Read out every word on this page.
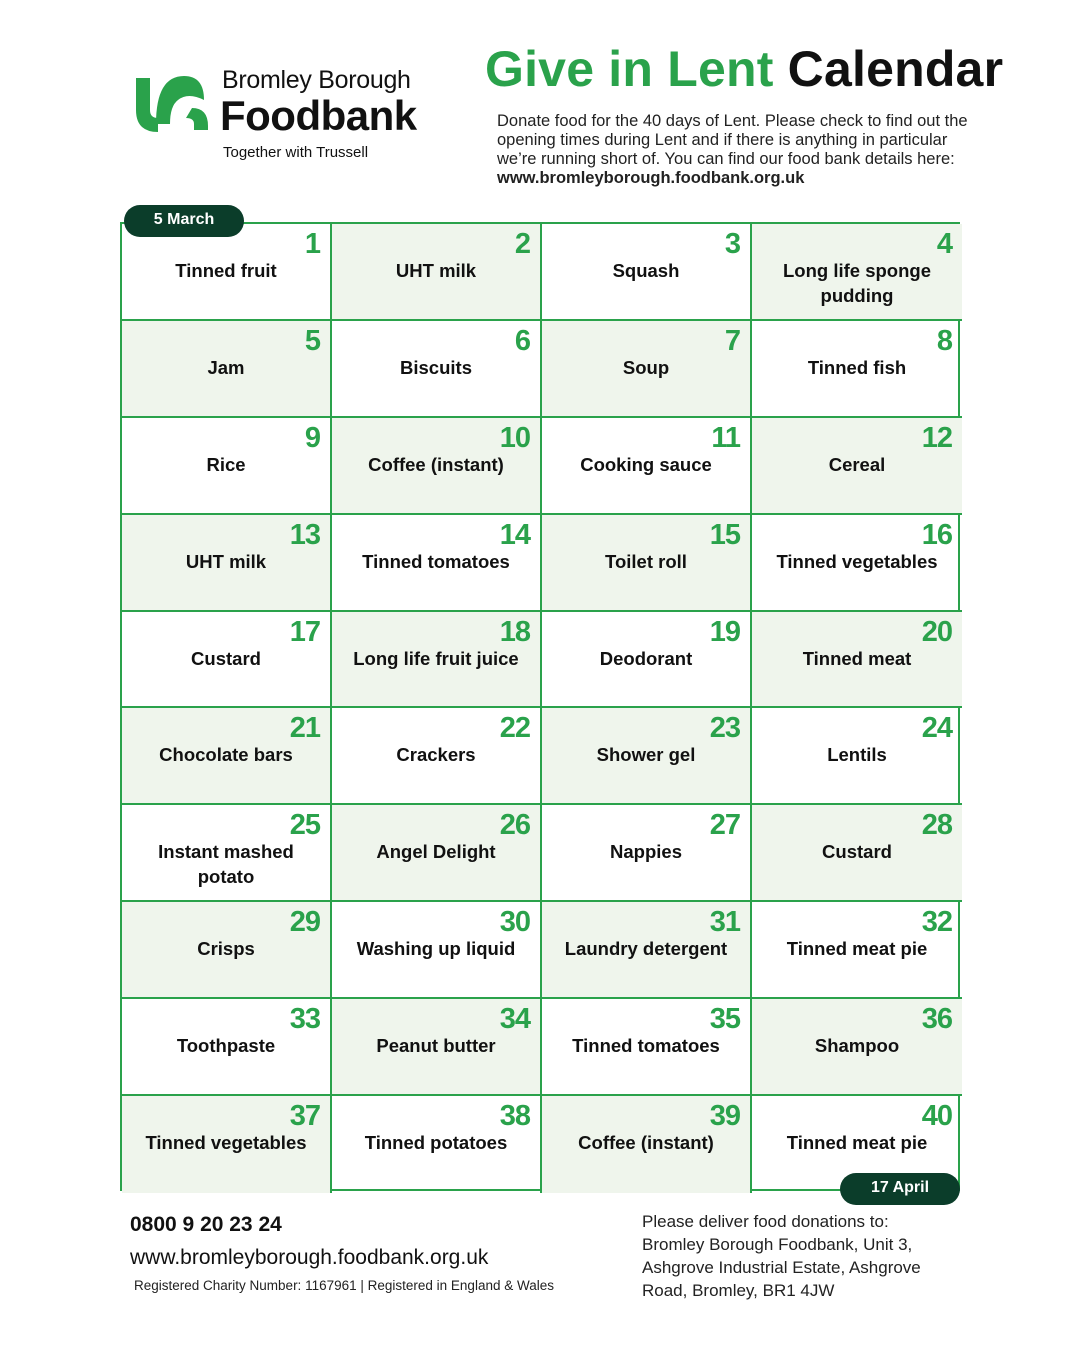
Bromley Borough
Foodbank
Together with Trussell
Give in Lent Calendar
Donate food for the 40 days of Lent. Please check to find out the opening times during Lent and if there is anything in particular we’re running short of. You can find our food bank details here: www.bromleyborough.foodbank.org.uk
5 March
1
Tinned fruit
2
UHT milk
3
Squash
4
Long life sponge pudding
5
Jam
6
Biscuits
7
Soup
8
Tinned fish
9
Rice
10
Coffee (instant)
11
Cooking sauce
12
Cereal
13
UHT milk
14
Tinned tomatoes
15
Toilet roll
16
Tinned vegetables
17
Custard
18
Long life fruit juice
19
Deodorant
20
Tinned meat
21
Chocolate bars
22
Crackers
23
Shower gel
24
Lentils
25
Instant mashed potato
26
Angel Delight
27
Nappies
28
Custard
29
Crisps
30
Washing up liquid
31
Laundry detergent
32
Tinned meat pie
33
Toothpaste
34
Peanut butter
35
Tinned tomatoes
36
Shampoo
37
Tinned vegetables
38
Tinned potatoes
39
Coffee (instant)
40
Tinned meat pie
17 April
0800 9 20 23 24
www.bromleyborough.foodbank.org.uk
Registered Charity Number: 1167961 | Registered in England & Wales
Please deliver food donations to:
Bromley Borough Foodbank, Unit 3, Ashgrove Industrial Estate, Ashgrove Road, Bromley, BR1 4JW
